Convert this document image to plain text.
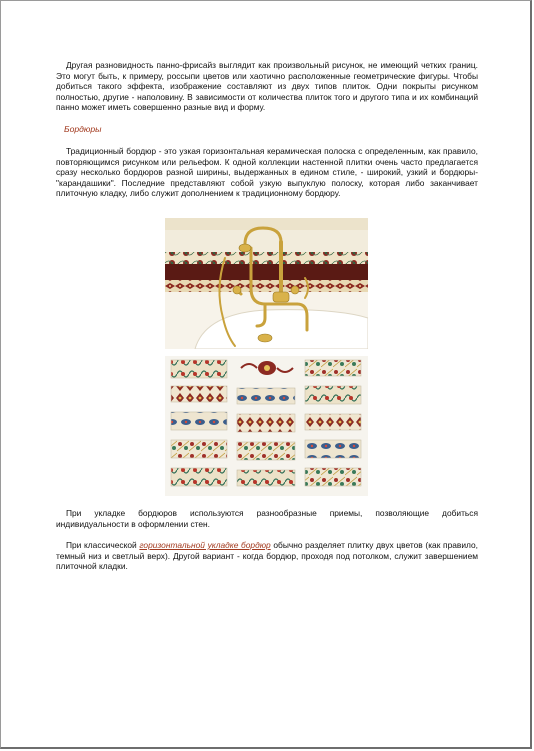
Другая разновидность панно-фрисайз выглядит как произвольный рисунок, не имеющий четких границ. Это могут быть, к примеру, россыпи цветов или хаотично расположенные геометрические фигуры. Чтобы добиться такого эффекта, изображение составляют из двух типов плиток. Одни покрыты рисунком полностью, другие - наполовину. В зависимости от количества плиток того и другого типа и их комбинаций панно может иметь совершенно разные вид и форму.

Бордюры

Традиционный бордюр - это узкая горизонтальная керамическая полоска с определенным, как правило, повторяющимся рисунком или рельефом. К одной коллекции настенной плитки очень часто предлагается сразу несколько бордюров разной ширины, выдержанных в едином стиле, - широкий, узкий и бордюры-"карандашики". Последние представляют собой узкую выпуклую полоску, которая либо заканчивает плиточную кладку, либо служит дополнением к традиционному бордюру.

При укладке бордюров используются разнообразные приемы, позволяющие добиться индивидуальности в оформлении стен.

При классической горизонтальной укладке бордюр обычно разделяет плитку двух цветов (как правило, темный низ и светлый верх). Другой вариант - когда бордюр, проходя под потолком, служит завершением плиточной кладки.
